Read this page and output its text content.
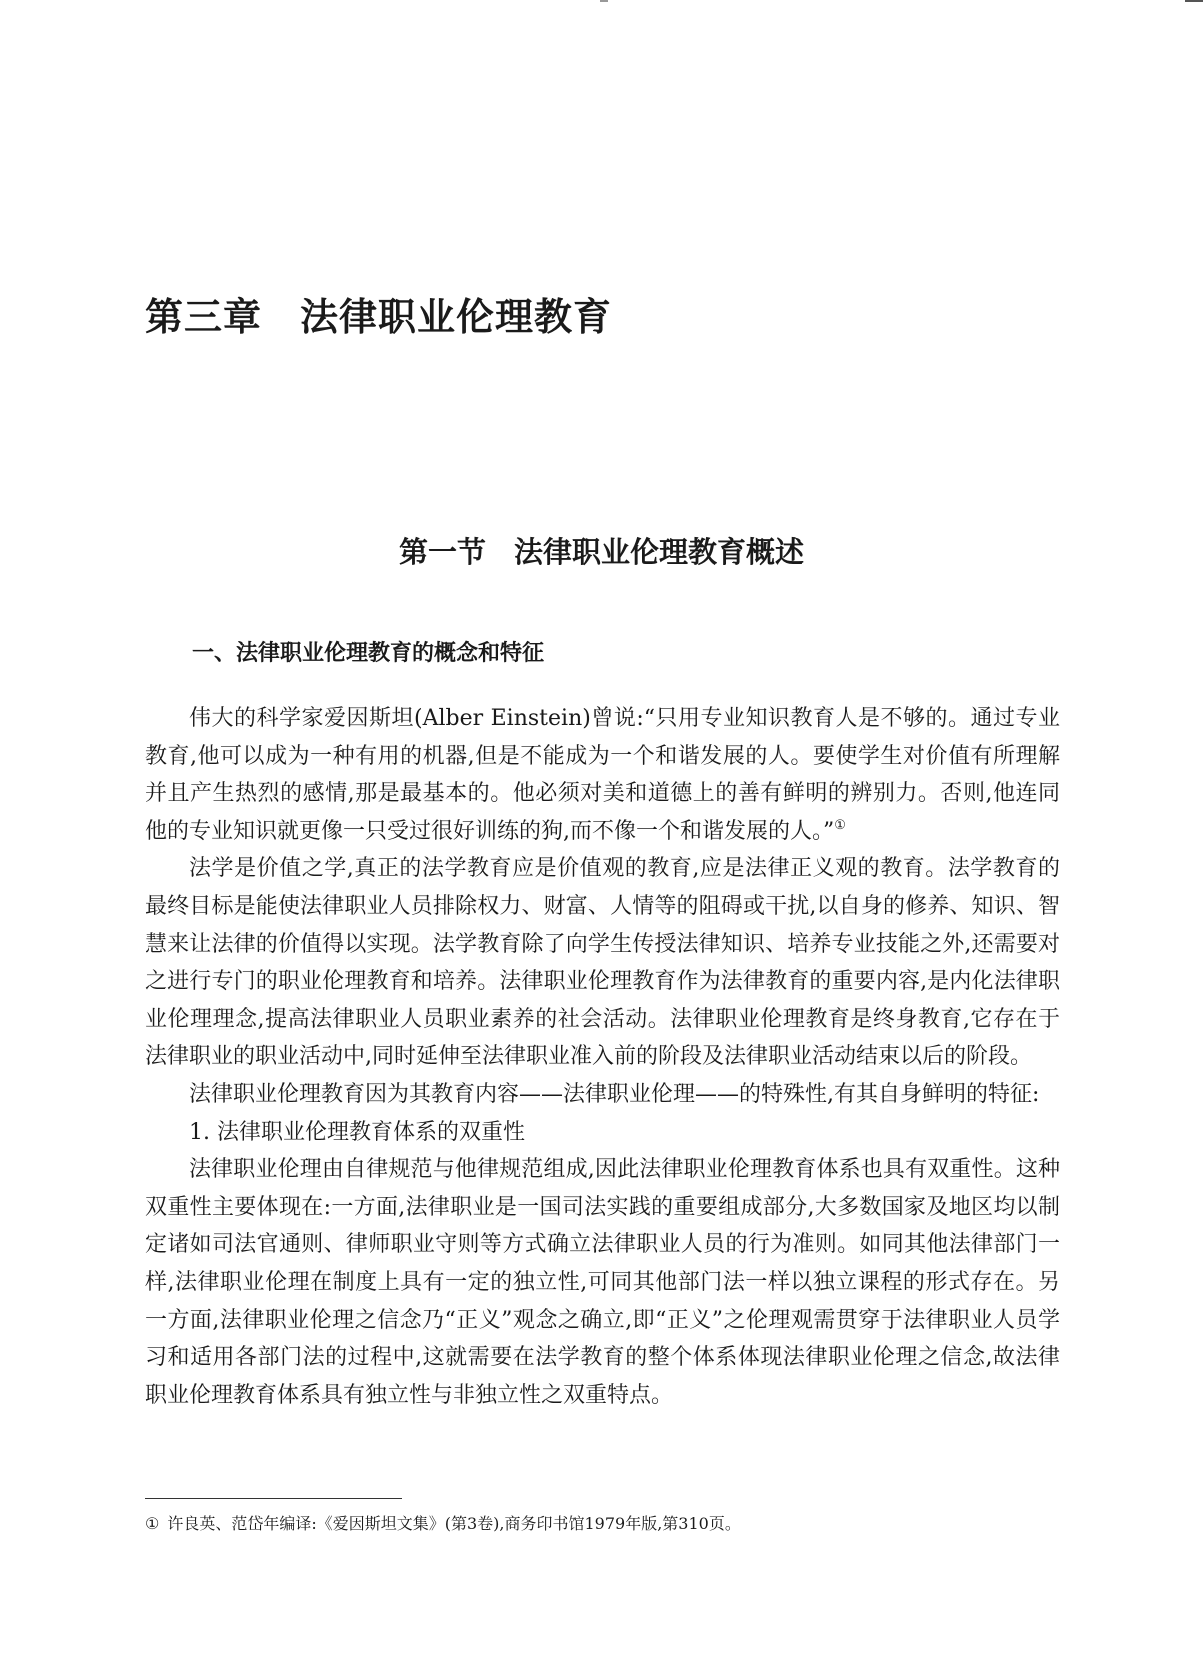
第三章 法律职业伦理教育
第一节 法律职业伦理教育概述
一、法律职业伦理教育的概念和特征

伟大的科学家爱因斯坦(Alber Einstein)曾说:“只用专业知识教育人是不够的。通过专业教育,他可以成为一种有用的机器,但是不能成为一个和谐发展的人。要使学生对价值有所理解并且产生热烈的感情,那是最基本的。他必须对美和道德上的善有鲜明的辨别力。否则,他连同他的专业知识就更像一只受过很好训练的狗,而不像一个和谐发展的人。”①

法学是价值之学,真正的法学教育应是价值观的教育,应是法律正义观的教育。法学教育的最终目标是能使法律职业人员排除权力、财富、人情等的阻碍或干扰,以自身的修养、知识、智慧来让法律的价值得以实现。法学教育除了向学生传授法律知识、培养专业技能之外,还需要对之进行专门的职业伦理教育和培养。法律职业伦理教育作为法律教育的重要内容,是内化法律职业伦理理念,提高法律职业人员职业素养的社会活动。法律职业伦理教育是终身教育,它存在于法律职业的职业活动中,同时延伸至法律职业准入前的阶段及法律职业活动结束以后的阶段。

法律职业伦理教育因为其教育内容——法律职业伦理——的特殊性,有其自身鲜明的特征:

1. 法律职业伦理教育体系的双重性

法律职业伦理由自律规范与他律规范组成,因此法律职业伦理教育体系也具有双重性。这种双重性主要体现在:一方面,法律职业是一国司法实践的重要组成部分,大多数国家及地区均以制定诸如司法官通则、律师职业守则等方式确立法律职业人员的行为准则。如同其他法律部门一样,法律职业伦理在制度上具有一定的独立性,可同其他部门法一样以独立课程的形式存在。另一方面,法律职业伦理之信念乃“正义”观念之确立,即“正义”之伦理观需贯穿于法律职业人员学习和适用各部门法的过程中,这就需要在法学教育的整个体系体现法律职业伦理之信念,故法律职业伦理教育体系具有独立性与非独立性之双重特点。

① 许良英、范岱年编译:《爱因斯坦文集》(第3卷),商务印书馆1979年版,第310页。
